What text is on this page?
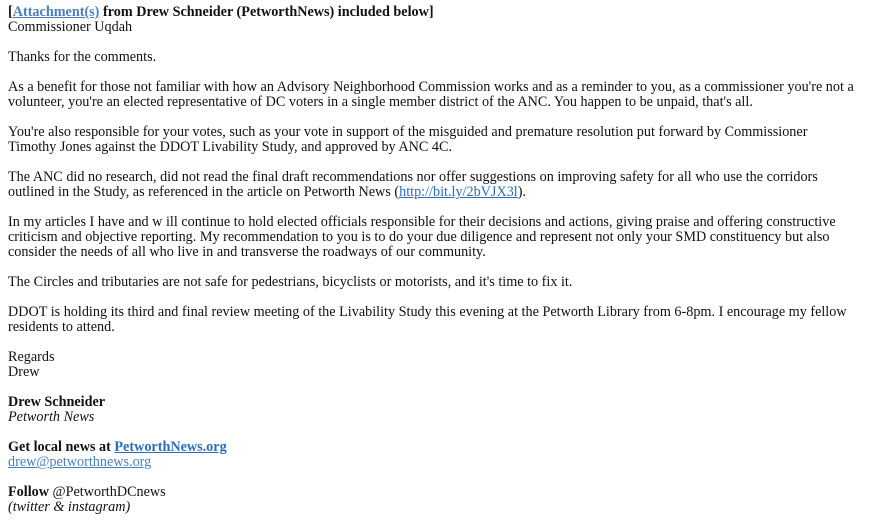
[Attachment(s) from Drew Schneider (PetworthNews) included below]
Commissioner Uqdah

Thanks for the comments.

As a benefit for those not familiar with how an Advisory Neighborhood Commission works and as a reminder to you, as a commissioner you're not a volunteer, you're an elected representative of DC voters in a single member district of the ANC. You happen to be unpaid, that's all.

You're also responsible for your votes, such as your vote in support of the misguided and premature resolution put forward by Commissioner Timothy Jones against the DDOT Livability Study, and approved by ANC 4C.

The ANC did no research, did not read the final draft recommendations nor offer suggestions on improving safety for all who use the corridors outlined in the Study, as referenced in the article on Petworth News (http://bit.ly/2bVJX3l).

In my articles I have and w ill continue to hold elected officials responsible for their decisions and actions, giving praise and offering constructive criticism and objective reporting. My recommendation to you is to do your due diligence and represent not only your SMD constituency but also consider the needs of all who live in and transverse the roadways of our community.

The Circles and tributaries are not safe for pedestrians, bicyclists or motorists, and it's time to fix it.

DDOT is holding its third and final review meeting of the Livability Study this evening at the Petworth Library from 6-8pm. I encourage my fellow residents to attend.

Regards
Drew

Drew Schneider
Petworth News

Get local news at PetworthNews.org
drew@petworthnews.org

Follow @PetworthDCnews
(twitter & instagram)
